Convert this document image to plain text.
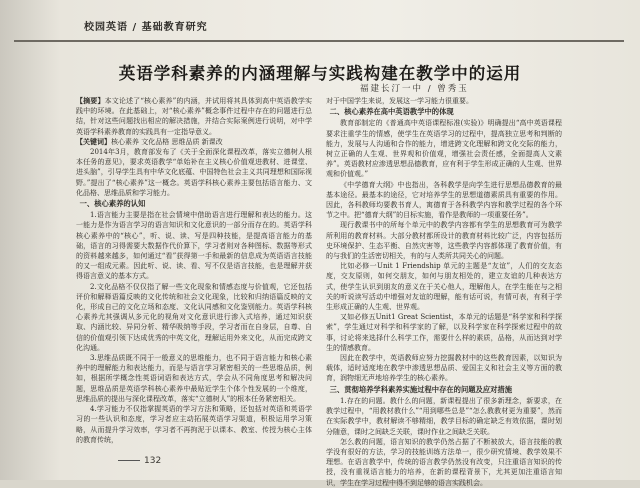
校园英语 / 基础教育研究
英语学科素养的内涵理解与实践构建在教学中的运用
福建长汀一中 / 曾秀玉

【摘要】本文论述了“核心素养”的内涵，并试用将其具体到高中英语教学实践中的环境。在此基础上，对“核心素养”概念事件过程中存在的问题进行总结，针对这些问题找出相应的解决措施，并结合实际案例进行说明，对中学英语学科素养教育的实践具有一定指导意义。

【关键词】核心素养 文化品格 思维品质 新课改

2014年3月，教育部发布了《关于全面深化课程改革，落实立德树人根本任务的意见》，要求英语教学“单始补在主义核心价值观进教材、进课堂、进头脑”，引导学生具有中华文化底蕴、中国特色社会主义共同理想和国际视野。”提出了“核心素养”这一概念。英语学科核心素养主要包括语言能力、文化品格、思维品质和学习能力。

一、核心素养的认知

1.语言能力主要是指在社会情境中借助语言进行理解和表达的能力。这一能力是作为语言学习的语言知识和文化意识的一部分而存在的。英语学科核心素养中的“核心”，听、说、读、写是四种技能，是提高语言能力的基础，语言的习得需要大数据作代价算下，学习者则对各种图标、数据等形式的资料越来越多，如何通过“看”获得第一手和最新的信息成为英语语言技能的又一组成元素。因此听、说、读、看、写不仅是语言技能，也是理解并获得语言意义的基本方式。

2.文化品格不仅仅指了解一些文化现象和情感态度与价值观，它还包括评价和解释语篇反映的文化传统和社会文化现象，比较和归纳语篇反映的文化，形成自己的文化立场和态度、文化认同感和文化鉴别能力。英语学科核心素养尤其强调从多元化的视角对文化意识进行渗入式培养，通过知识获取、内涵比较、异同分析、精华吸纳等手段，学习者而在自身层，自尊、自信的价值观引领下达成优秀的中英文化，理解运用外来文化，从而完成跨文化沟通。

3.思维品质既不同于一般意义的思维能力，也不同于语言能力和核心素养中的理解能力和表达能力，而是与语言学习紧密相关的一些思维品质，例如，根据所学概念性英语词语和表达方式，学会从不同角度思考和解决问题，思维品质是英语学科核心素养中最贴近学生个体个性发展的一个维度，思维品质的提出与深化课程改革，落实“立德树人”的根本任务紧密相关。

4.学习能力不仅指掌握英语的学习方法和策略，还包括对英语和英语学习的一些认识和态度，学习者应主动拓展英语学习渠道，积极运用学习策略，从而提升学习效率，学习者不再拘泥于以课本、教室、传授为核心主体的教育传统，

对于中国学生来说，发展这一学习能力很重要。

二、核心素养在高中英语教学中的体现

教育部制定的《普通高中英语课程标准(实验)》明确提出“高中英语课程要求注重学生的情感，使学生在英语学习的过程中，提高独立思考和判断的能力，发展与人沟通和合作的能力，增进跨文化理解和跨文化交际的能力，树立正确的人生观、世界观和价值观，增强社会责任感，全面提高人文素养”。英语教材应渗透思想品德教育，应有利于学生形成正确的人生观、世界观和价值观。”

《中学德育大纲》中也指出，各科教学是向学生进行思想品德教育的最基本途径。最基本的途径，它对培养学生的思想道德素质具有重要的作用。因此，各科教师均要教书育人，寓德育于各科教学内容和教学过程的各个环节之中。把“德育大纲”的目标实施，看作是教师的一项重要任务”。

现行教课书中的所每个单元中的教学内容都有学生的思想教育可为教学所利用的教育材料。大部分教材都所设计的教育材料比较广泛，内容包括历史环境保护、生态平衡、自然灾害等，这些教学内容都体现了教育价值，有的与我们的生活密切相关，有的与人类所共同关心的问题。

比如必修一Unit 1 Friendship 单元的主题是“友谊”，人们的交友态度，交友原则，如何交朋友，如何与朋友相处的，建立友谊的几种表达方式，使学生认识到朋友的意义在于关心他人，理解他人，在学生能在与之相关的听说读写活动中增强对友谊的理解，能有话可说，有情可表，有利于学生形成正确的人生观、世界观。

又如必修五Unit1 Great Scientist，本单元的话题是“科学家和科学探索”，学生通过对科学和科学家的了解，以及科学家在科学探索过程中的故事，讨论将来选择什么科学工作，需要什么样的素质，品格，从而达到对学生的情感教育。

因此在教学中，英语教师应努力挖掘教材中的这些教育因素，以知识为载体，适时适度地在教学中渗透思想品质、爱国主义和社会主义等方面的教育，润物细无声地培养学生的核心素养。

三、贯彻培养学科素养实施过程中存在的问题及应对措施

1.存在的问题。教什么的问题，新课程提出了很多新理念，新要求，在教学过程中，“用教材教什么”“用到哪些总是”“怎么教教材更为重要”，然而在实际教学中，教材解读不够精细，教学目标的确定缺乏有效依据，课时划分随意，课时之间缺乏关联，课时作业之间缺乏关联。

怎么教的问题，语言知识的教学仍然占据了不断被放大，语言技能的教学没有很好的方法，学习的技能训练方法单一，很少研究情境、教学效果不理想。在语言教学中，传统的语言教学仍然没有改变，只注重语言知识的传授，没有重视语言能力的培养，在新的课程背景下，尤其更加注重语言知识，学生在学习过程中得不到足够的语言实践机会。

132
